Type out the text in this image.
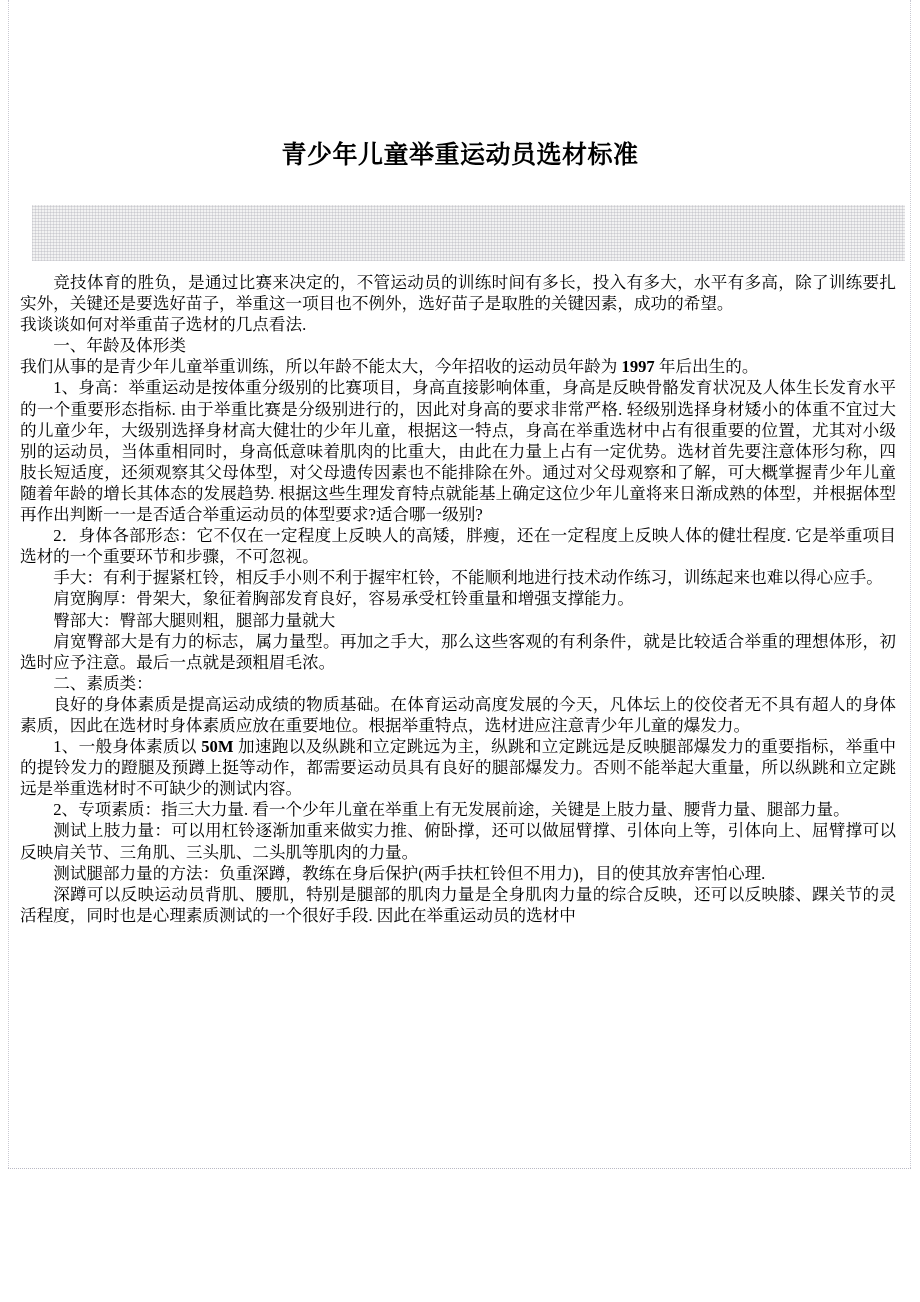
青少年儿童举重运动员选材标准

竞技体育的胜负，是通过比赛来决定的，不管运动员的训练时间有多长，投入有多大，水平有多高，除了训练要扎实外，关键还是要选好苗子，举重这一项目也不例外，选好苗子是取胜的关键因素，成功的希望。

我谈谈如何对举重苗子选材的几点看法.

一、年龄及体形类

我们从事的是青少年儿童举重训练，所以年龄不能太大，今年招收的运动员年龄为 1997 年后出生的。

1、身高：举重运动是按体重分级别的比赛项目，身高直接影响体重，身高是反映骨骼发育状况及人体生长发育水平的一个重要形态指标. 由于举重比赛是分级别进行的，因此对身高的要求非常严格. 轻级别选择身材矮小的体重不宜过大的儿童少年，大级别选择身材高大健壮的少年儿童，根据这一特点，身高在举重选材中占有很重要的位置，尤其对小级别的运动员，当体重相同时，身高低意味着肌肉的比重大，由此在力量上占有一定优势。选材首先要注意体形匀称，四肢长短适度，还须观察其父母体型，对父母遗传因素也不能排除在外。通过对父母观察和了解，可大概掌握青少年儿童随着年龄的增长其体态的发展趋势. 根据这些生理发育特点就能基上确定这位少年儿童将来日渐成熟的体型，并根据体型再作出判断一一是否适合举重运动员的体型要求?适合哪一级别?

2．身体各部形态：它不仅在一定程度上反映人的高矮，胖瘦，还在一定程度上反映人体的健壮程度. 它是举重项目选材的一个重要环节和步骤，不可忽视。

手大：有利于握紧杠铃，相反手小则不利于握牢杠铃，不能顺利地进行技术动作练习，训练起来也难以得心应手。

肩宽胸厚：骨架大，象征着胸部发育良好，容易承受杠铃重量和增强支撑能力。

臀部大：臀部大腿则粗，腿部力量就大

肩宽臀部大是有力的标志，属力量型。再加之手大，那么这些客观的有利条件，就是比较适合举重的理想体形，初选时应予注意。最后一点就是颈粗眉毛浓。

二、素质类：

良好的身体素质是提高运动成绩的物质基础。在体育运动高度发展的今天，凡体坛上的佼佼者无不具有超人的身体素质，因此在选材时身体素质应放在重要地位。根据举重特点，选材进应注意青少年儿童的爆发力。

1、一般身体素质以 50M 加速跑以及纵跳和立定跳远为主，纵跳和立定跳远是反映腿部爆发力的重要指标，举重中的提铃发力的蹬腿及预蹲上挺等动作，都需要运动员具有良好的腿部爆发力。否则不能举起大重量，所以纵跳和立定跳远是举重选材时不可缺少的测试内容。

2、专项素质：指三大力量. 看一个少年儿童在举重上有无发展前途，关键是上肢力量、腰背力量、腿部力量。

测试上肢力量：可以用杠铃逐渐加重来做实力推、俯卧撑，还可以做屈臂撑、引体向上等，引体向上、屈臂撑可以反映肩关节、三角肌、三头肌、二头肌等肌肉的力量。

测试腿部力量的方法：负重深蹲，教练在身后保护(两手扶杠铃但不用力)，目的使其放弃害怕心理.

深蹲可以反映运动员背肌、腰肌，特别是腿部的肌肉力量是全身肌肉力量的综合反映，还可以反映膝、踝关节的灵活程度，同时也是心理素质测试的一个很好手段. 因此在举重运动员的选材中
